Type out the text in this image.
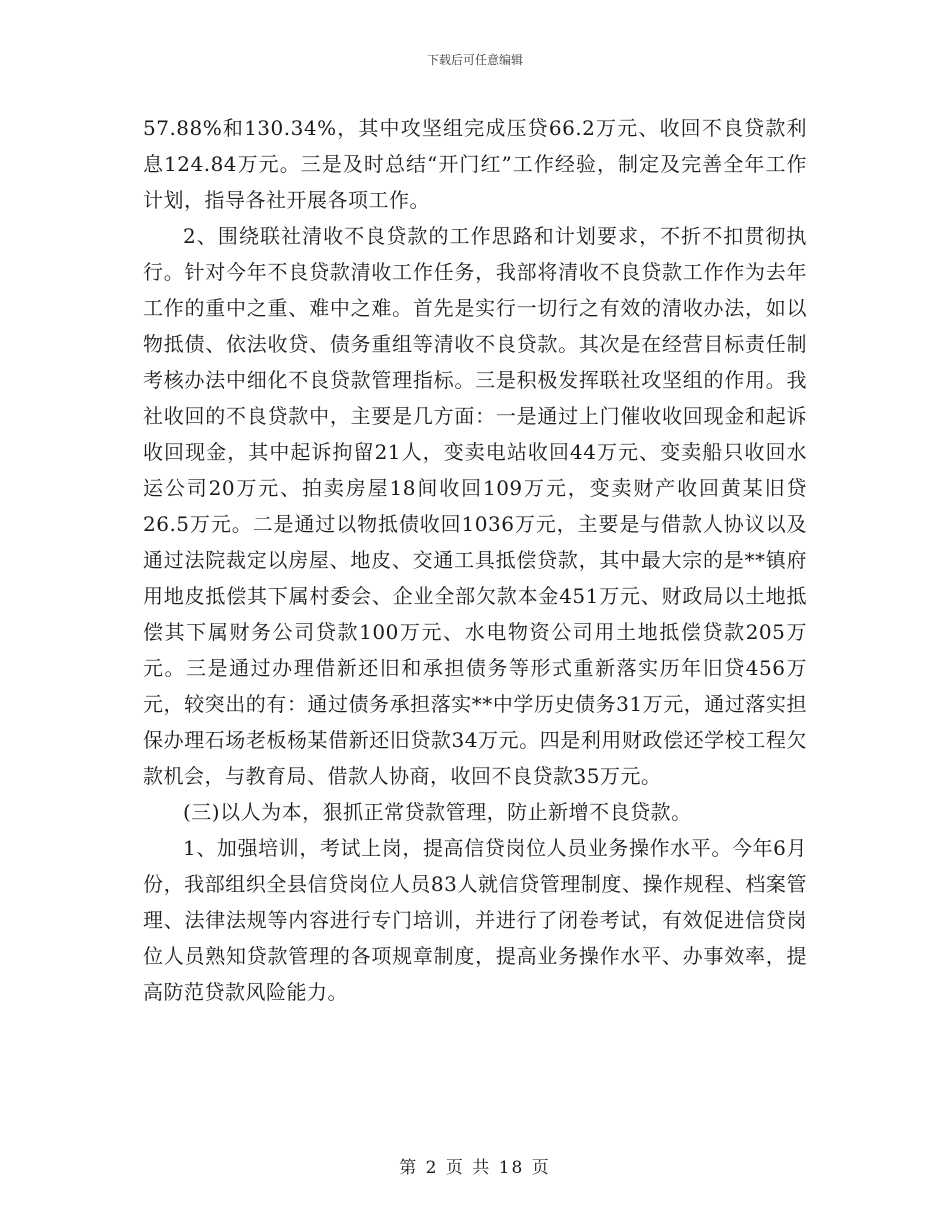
下载后可任意编辑

57.88%和130.34%，其中攻坚组完成压贷66.2万元、收回不良贷款利息124.84万元。三是及时总结“开门红”工作经验，制定及完善全年工作计划，指导各社开展各项工作。

2、围绕联社清收不良贷款的工作思路和计划要求，不折不扣贯彻执行。针对今年不良贷款清收工作任务，我部将清收不良贷款工作作为去年工作的重中之重、难中之难。首先是实行一切行之有效的清收办法，如以物抵债、依法收贷、债务重组等清收不良贷款。其次是在经营目标责任制考核办法中细化不良贷款管理指标。三是积极发挥联社攻坚组的作用。我社收回的不良贷款中，主要是几方面：一是通过上门催收收回现金和起诉收回现金，其中起诉拘留21人，变卖电站收回44万元、变卖船只收回水运公司20万元、拍卖房屋18间收回109万元，变卖财产收回黄某旧贷26.5万元。二是通过以物抵债收回1036万元，主要是与借款人协议以及通过法院裁定以房屋、地皮、交通工具抵偿贷款，其中最大宗的是**镇府用地皮抵偿其下属村委会、企业全部欠款本金451万元、财政局以土地抵偿其下属财务公司贷款100万元、水电物资公司用土地抵偿贷款205万元。三是通过办理借新还旧和承担债务等形式重新落实历年旧贷456万元，较突出的有：通过债务承担落实**中学历史债务31万元，通过落实担保办理石场老板杨某借新还旧贷款34万元。四是利用财政偿还学校工程欠款机会，与教育局、借款人协商，收回不良贷款35万元。

(三)以人为本，狠抓正常贷款管理，防止新增不良贷款。

1、加强培训，考试上岗，提高信贷岗位人员业务操作水平。今年6月份，我部组织全县信贷岗位人员83人就信贷管理制度、操作规程、档案管理、法律法规等内容进行专门培训，并进行了闭卷考试，有效促进信贷岗位人员熟知贷款管理的各项规章制度，提高业务操作水平、办事效率，提高防范贷款风险能力。

第 2 页 共 18 页
